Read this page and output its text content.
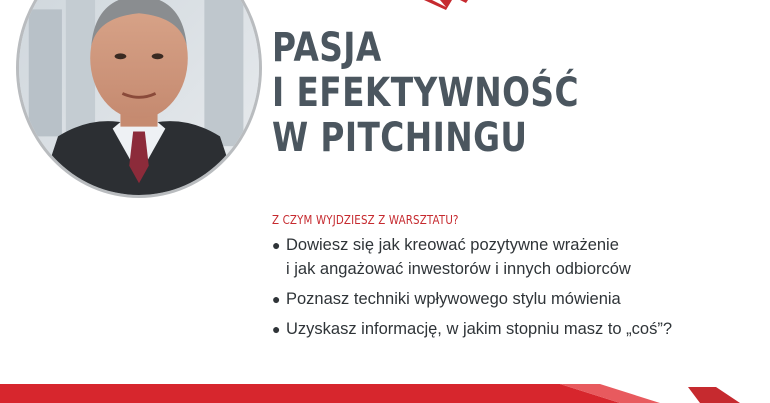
PASJA
I EFEKTYWNOŚĆ
W PITCHINGU
Z CZYM WYJDZIESZ Z WARSZTATU?
● Dowiesz się jak kreować pozytywne wrażenie
i jak angażować inwestorów i innych odbiorców
● Poznasz techniki wpływowego stylu mówienia
● Uzyskasz informację, w jakim stopniu masz to „coś”?
